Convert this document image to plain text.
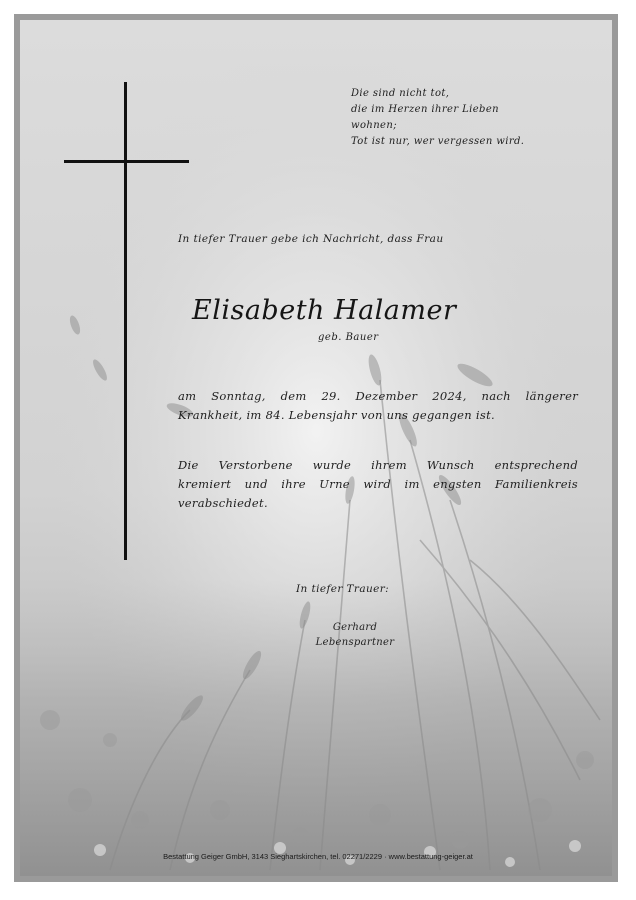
Die sind nicht tot,
die im Herzen ihrer Lieben
wohnen;
Tot ist nur, wer vergessen wird.
In tiefer Trauer gebe ich Nachricht, dass Frau
Elisabeth Halamer
geb. Bauer
am Sonntag, dem 29. Dezember 2024, nach längerer
Krankheit, im 84. Lebensjahr von uns gegangen ist.
Die Verstorbene wurde ihrem Wunsch entsprechend
kremiert und ihre Urne wird im engsten Familienkreis
verabschiedet.
In tiefer Trauer:
Gerhard
Lebenspartner
Bestattung Geiger GmbH, 3143 Sieghartskirchen, tel. 02271/2229 · www.bestattung-geiger.at
